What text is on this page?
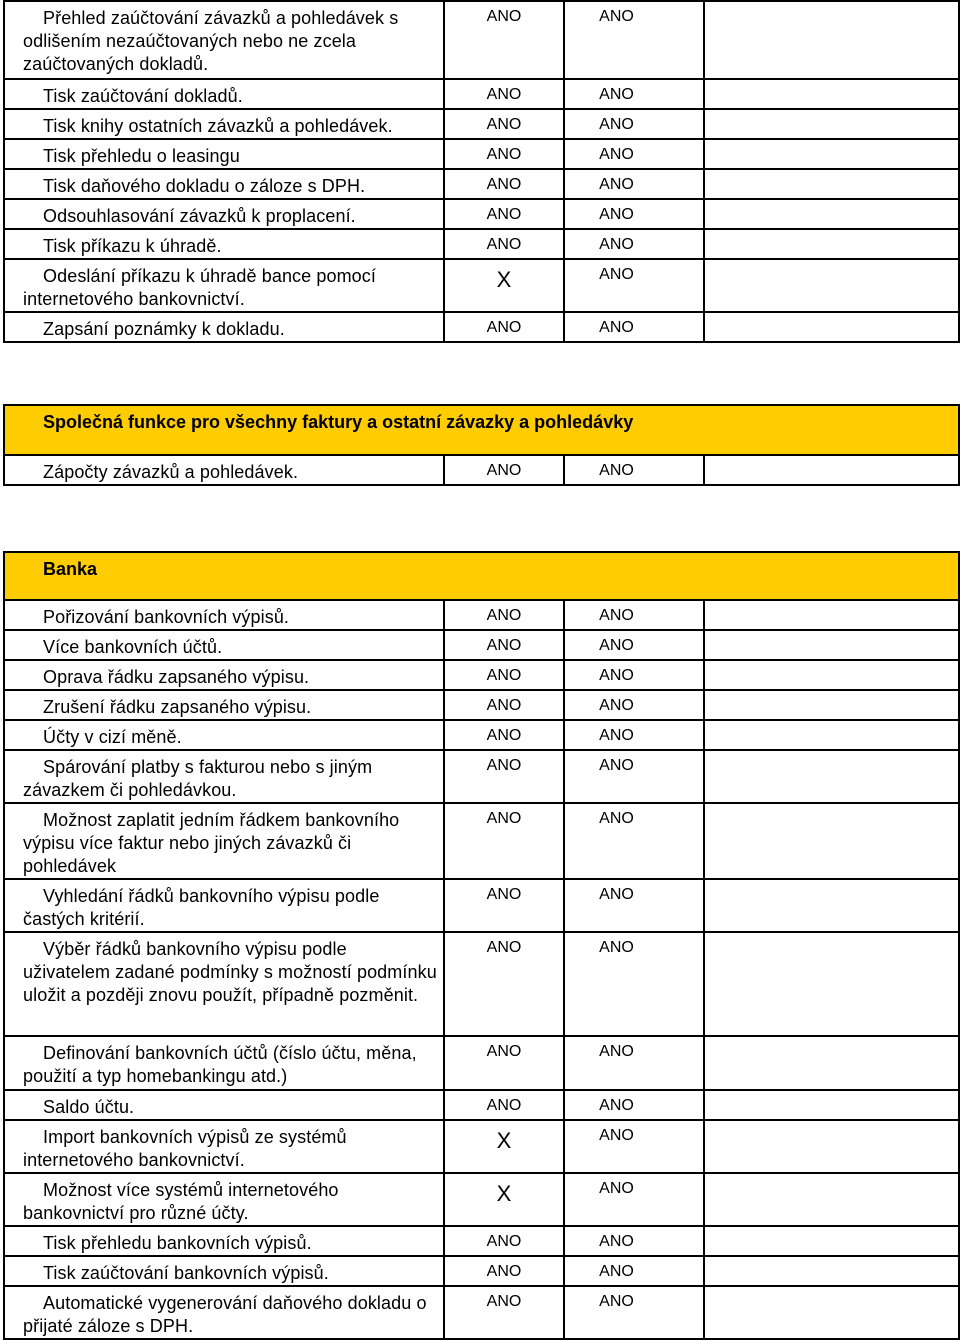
Přehled zaúčtování závazků a pohledávek s odlišením nezaúčtovaných nebo ne zcela zaúčtovaných dokladů.	ANO	ANO	
Tisk zaúčtování dokladů.	ANO	ANO	
Tisk knihy ostatních závazků a pohledávek.	ANO	ANO	
Tisk přehledu o leasingu	ANO	ANO	
Tisk daňového dokladu o záloze s DPH.	ANO	ANO	
Odsouhlasování závazků k proplacení.	ANO	ANO	
Tisk příkazu k úhradě.	ANO	ANO	
Odeslání příkazu k úhradě bance pomocí internetového bankovnictví.	X	ANO	
Zapsání poznámky k dokladu.	ANO	ANO	
Společná funkce pro všechny faktury a ostatní závazky a pohledávky
Zápočty závazků a pohledávek.	ANO	ANO	
Banka			
Pořizování bankovních výpisů.	ANO	ANO	
Více bankovních účtů.	ANO	ANO	
Oprava řádku zapsaného výpisu.	ANO	ANO	
Zrušení řádku zapsaného výpisu.	ANO	ANO	
Účty v cizí měně.	ANO	ANO	
Spárování platby s fakturou nebo s jiným závazkem či pohledávkou.	ANO	ANO	
Možnost zaplatit jedním řádkem bankovního výpisu více faktur nebo jiných závazků či pohledávek	ANO	ANO	
Vyhledání řádků bankovního výpisu podle častých kritérií.	ANO	ANO	
Výběr řádků bankovního výpisu podle uživatelem zadané podmínky s možností podmínku uložit a později znovu použít, případně pozměnit.	ANO	ANO	
Definování bankovních účtů (číslo účtu, měna, použití a typ homebankingu atd.)	ANO	ANO	
Saldo účtu.	ANO	ANO	
Import bankovních výpisů ze systémů internetového bankovnictví.	X	ANO	
Možnost více systémů internetového bankovnictví pro různé účty.	X	ANO	
Tisk přehledu bankovních výpisů.	ANO	ANO	
Tisk zaúčtování bankovních výpisů.	ANO	ANO	
Automatické vygenerování daňového dokladu o přijaté záloze s DPH.	ANO	ANO	
